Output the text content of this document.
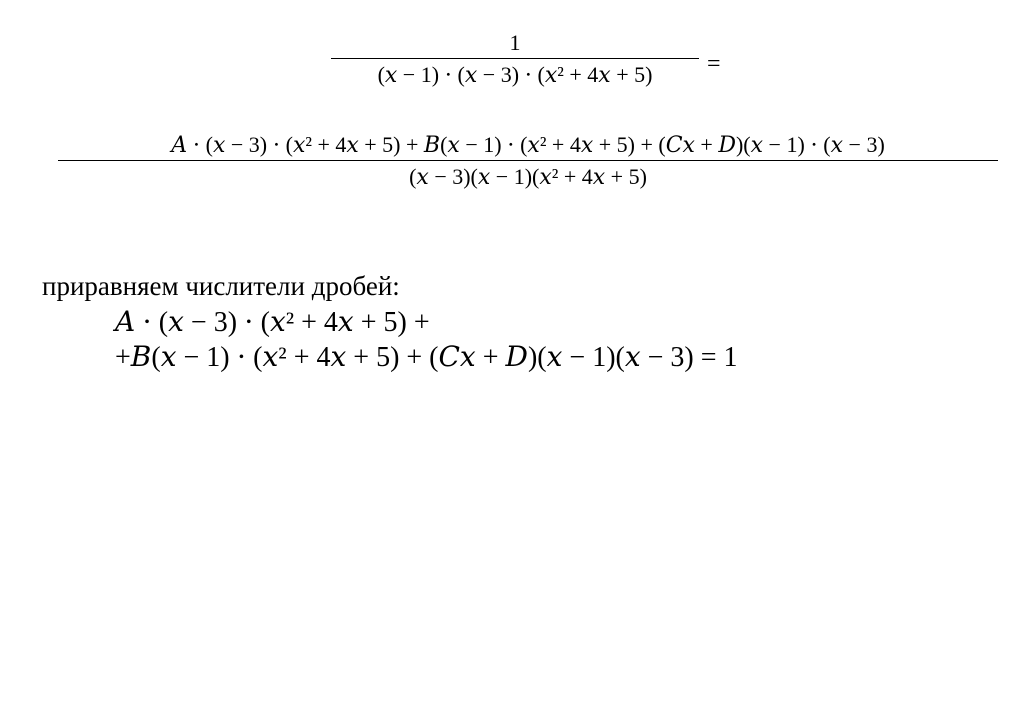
1
(𝑥 − 1) ⋅ (𝑥 − 3) ⋅ (𝑥² + 4𝑥 + 5) =
𝐴 ⋅ (𝑥 − 3) ⋅ (𝑥² + 4𝑥 + 5) + 𝐵(𝑥 − 1) ⋅ (𝑥² + 4𝑥 + 5) + (𝐶𝑥 + 𝐷)(𝑥 − 1) ⋅ (𝑥 − 3)
(𝑥 − 3)(𝑥 − 1)(𝑥² + 4𝑥 + 5)
приравняем числители дробей:
𝐴 ⋅ (𝑥 − 3) ⋅ (𝑥² + 4𝑥 + 5) +
+𝐵(𝑥 − 1) ⋅ (𝑥² + 4𝑥 + 5) + (𝐶𝑥 + 𝐷)(𝑥 − 1)(𝑥 − 3) = 1
